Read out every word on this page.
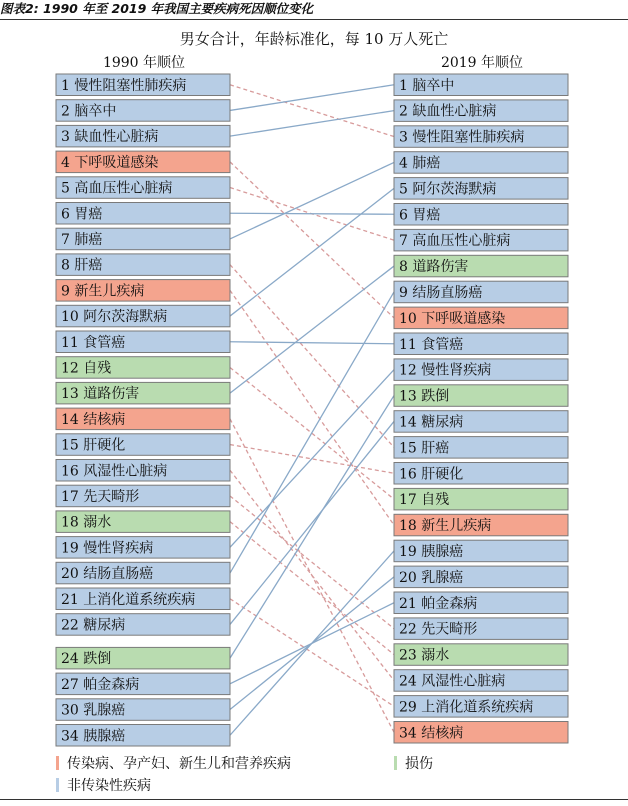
图表2: 1990 年至 2019 年我国主要疾病死因顺位变化
男女合计，年龄标准化，每 10 万人死亡
1990 年顺位	2019 年顺位
1 慢性阻塞性肺疾病
2 脑卒中
3 缺血性心脏病
4 下呼吸道感染
5 高血压性心脏病
6 胃癌
7 肺癌
8 肝癌
9 新生儿疾病
10 阿尔茨海默病
11 食管癌
12 自残
13 道路伤害
14 结核病
15 肝硬化
16 风湿性心脏病
17 先天畸形
18 溺水
19 慢性肾疾病
20 结肠直肠癌
21 上消化道系统疾病
22 糖尿病
24 跌倒
27 帕金森病
30 乳腺癌
34 胰腺癌
1 脑卒中
2 缺血性心脏病
3 慢性阻塞性肺疾病
4 肺癌
5 阿尔茨海默病
6 胃癌
7 高血压性心脏病
8 道路伤害
9 结肠直肠癌
10 下呼吸道感染
11 食管癌
12 慢性肾疾病
13 跌倒
14 糖尿病
15 肝癌
16 肝硬化
17 自残
18 新生儿疾病
19 胰腺癌
20 乳腺癌
21 帕金森病
22 先天畸形
23 溺水
24 风湿性心脏病
29 上消化道系统疾病
34 结核病
传染病、孕产妇、新生儿和营养疾病	损伤
非传染性疾病
